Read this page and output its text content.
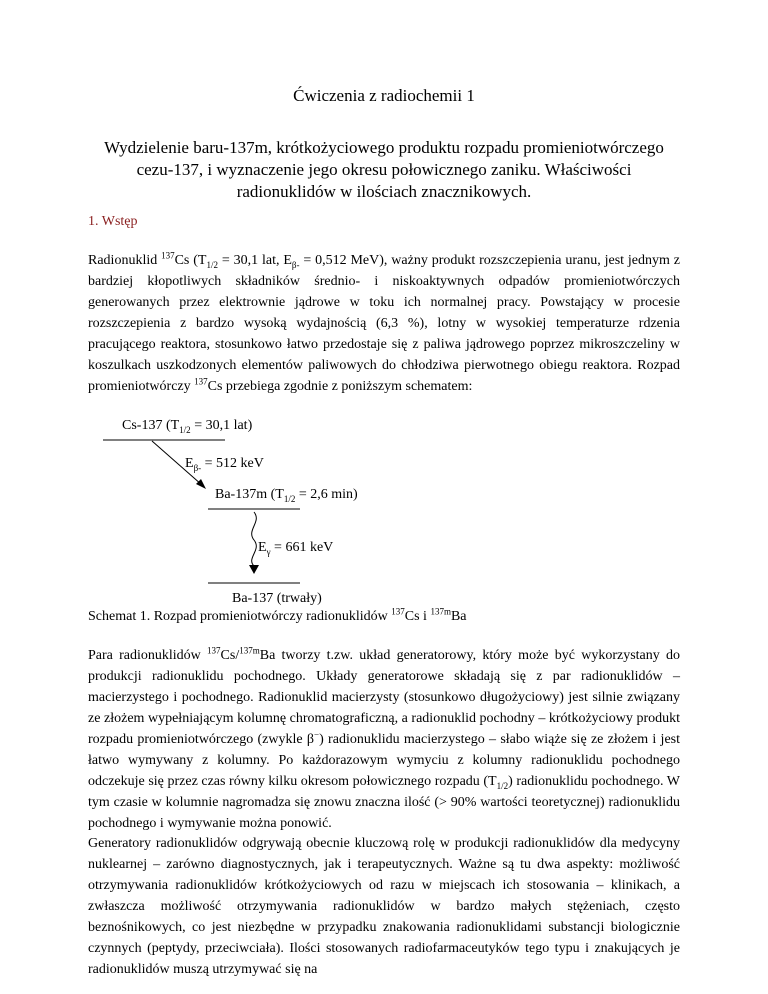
Ćwiczenia z radiochemii 1
Wydzielenie baru-137m, krótkożyciowego produktu rozpadu promieniotwórczego cezu-137, i wyznaczenie jego okresu połowicznego zaniku. Właściwości radionuklidów w ilościach znacznikowych.
1. Wstęp
Radionuklid $^{137}$Cs ($T_{1/2} = 30,1$ lat, $E_{\beta-} = 0,512$ MeV), ważny produkt rozszczepienia uranu, jest jednym z bardziej kłopotliwych składników średnio- i niskoaktywnych odpadów promieniotwórczych generowanych przez elektrownie jądrowe w toku ich normalnej pracy. Powstający w procesie rozszczepienia z bardzo wysoką wydajnością (6,3 %), lotny w wysokiej temperaturze rdzenia pracującego reaktora, stosunkowo łatwo przedostaje się z paliwa jądrowego poprzez mikroszczeliny w koszulkach uszkodzonych elementów paliwowych do chłodziwa pierwotnego obiegu reaktora. Rozpad promieniotwórczy $^{137}$Cs przebiega zgodnie z poniższym schematem:
Cs-137 ($T_{1/2} = 30,1$ lat)
$E_{\beta-} = 512$ keV
Ba-137m ($T_{1/2} = 2,6$ min)
$E_\gamma = 661$ keV
Ba-137 (trwały)
Schemat 1. Rozpad promieniotwórczy radionuklidów $^{137}$Cs i $^{137m}$Ba
Para radionuklidów $^{137}$Cs/$^{137m}$Ba tworzy t.zw. układ generatorowy, który może być wykorzystany do produkcji radionuklidu pochodnego. Układy generatorowe składają się z par radionuklidów – macierzystego i pochodnego. Radionuklid macierzysty (stosunkowo długożyciowy) jest silnie związany ze złożem wypełniającym kolumnę chromatograficzną, a radionuklid pochodny – krótkożyciowy produkt rozpadu promieniotwórczego (zwykle β−) radionuklidu macierzystego – słabo wiąże się ze złożem i jest łatwo wymywany z kolumny. Po każdorazowym wymyciu z kolumny radionuklidu pochodnego odczekuje się przez czas równy kilku okresom połowicznego rozpadu $(T_{1/2})$ radionuklidu pochodnego. W tym czasie w kolumnie nagromadza się znowu znaczna ilość (> 90% wartości teoretycznej) radionuklidu pochodnego i wymywanie można ponowić.
Generatory radionuklidów odgrywają obecnie kluczową rolę w produkcji radionuklidów dla medycyny nuklearnej – zarówno diagnostycznych, jak i terapeutycznych. Ważne są tu dwa aspekty: możliwość otrzymywania radionuklidów krótkożyciowych od razu w miejscach ich stosowania – klinikach, a zwłaszcza możliwość otrzymywania radionuklidów w bardzo małych stężeniach, często beznośnikowych, co jest niezbędne w przypadku znakowania radionuklidami substancji biologicznie czynnych (peptydy, przeciwciała). Ilości stosowanych radiofarmaceutyków tego typu i znakujących je radionuklidów muszą utrzymywać się na
